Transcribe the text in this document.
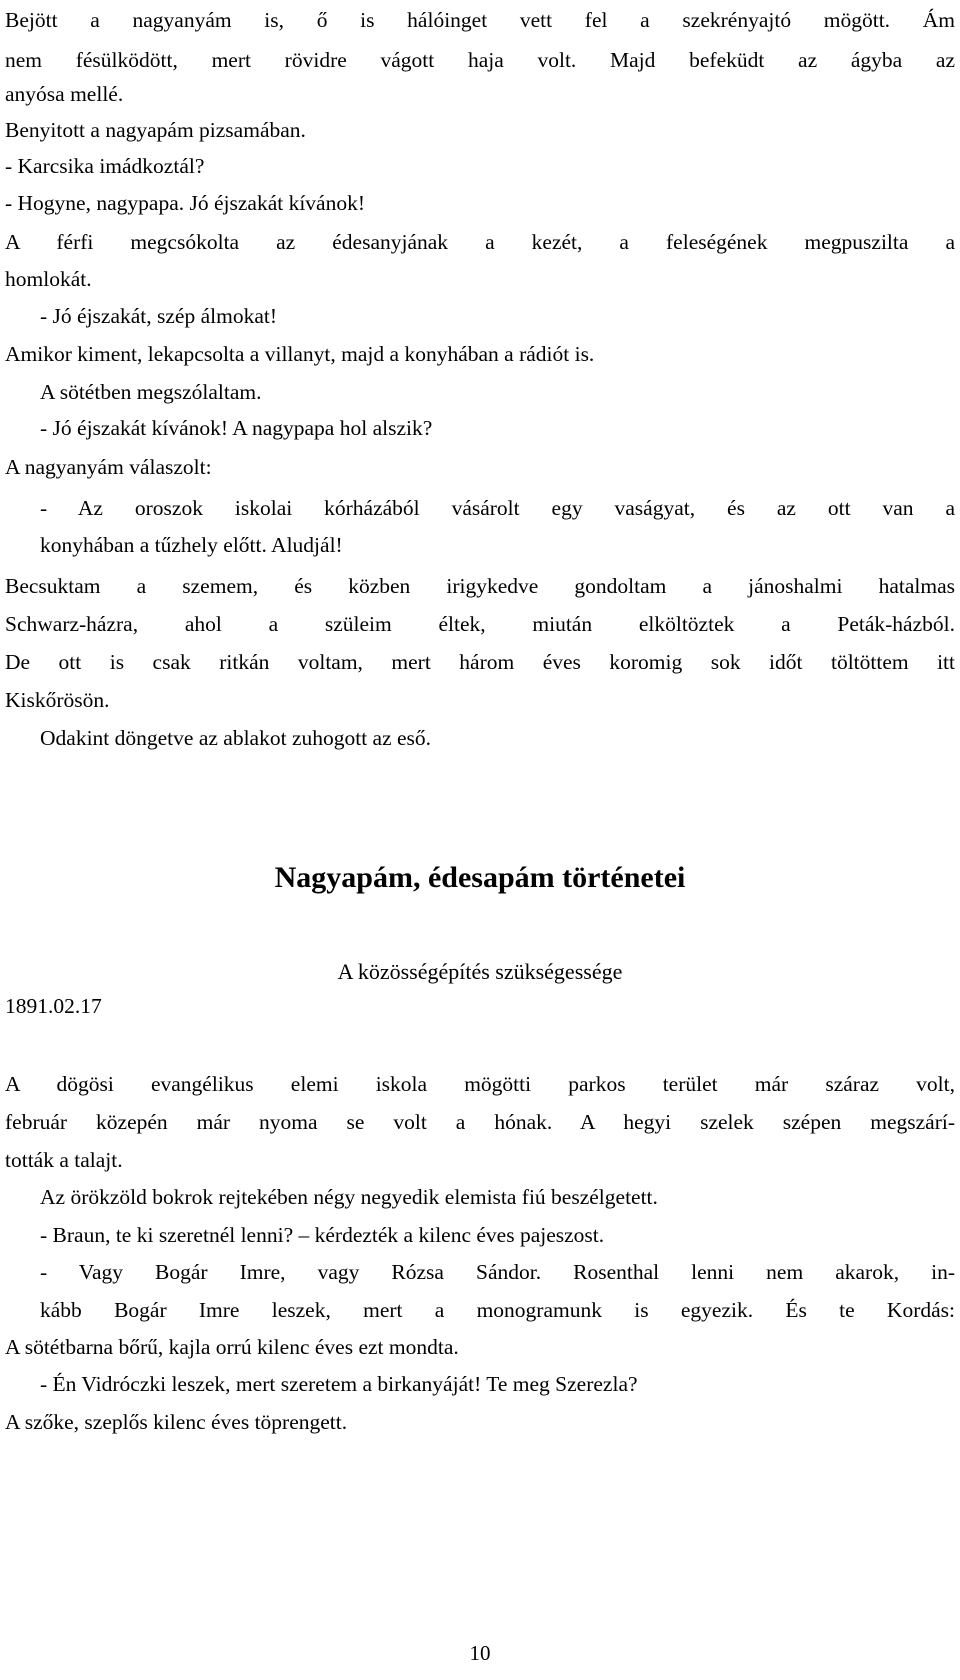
Bejött a nagyanyám is, ő is hálóinget vett fel a szekrényajtó mögött. Ám
nem fésülködött, mert rövidre vágott haja volt. Majd befeküdt az ágyba az
anyósa mellé.
Benyitott a nagyapám pizsamában.
- Karcsika imádkoztál?
- Hogyne, nagypapa. Jó éjszakát kívánok!
A férfi megcsókolta az édesanyjának a kezét, a feleségének megpuszilta a
homlokát.
- Jó éjszakát, szép álmokat!
Amikor kiment, lekapcsolta a villanyt, majd a konyhában a rádiót is.
A sötétben megszólaltam.
- Jó éjszakát kívánok! A nagypapa hol alszik?
A nagyanyám válaszolt:
- Az oroszok iskolai kórházából vásárolt egy vaságyat, és az ott van a
konyhában a tűzhely előtt. Aludjál!
Becsuktam a szemem, és közben irigykedve gondoltam a jánoshalmi hatalmas
Schwarz-házra, ahol a szüleim éltek, miután elköltöztek a Peták-házból.
De ott is csak ritkán voltam, mert három éves koromig sok időt töltöttem itt
Kiskőrösön.
Odakint döngetve az ablakot zuhogott az eső.
Nagyapám, édesapám történetei
A közösségépítés szükségessége
1891.02.17
A dögösi evangélikus elemi iskola mögötti parkos terület már száraz volt,
február közepén már nyoma se volt a hónak. A hegyi szelek szépen megszárí-
tották a talajt.
Az örökzöld bokrok rejtekében négy negyedik elemista fiú beszélgetett.
- Braun, te ki szeretnél lenni? – kérdezték a kilenc éves pajeszost.
- Vagy Bogár Imre, vagy Rózsa Sándor. Rosenthal lenni nem akarok, in-
kább Bogár Imre leszek, mert a monogramunk is egyezik. És te Kordás:
A sötétbarna bőrű, kajla orrú kilenc éves ezt mondta.
- Én Vidróczki leszek, mert szeretem a birkanyáját! Te meg Szerezla?
A szőke, szeplős kilenc éves töprengett.
10
